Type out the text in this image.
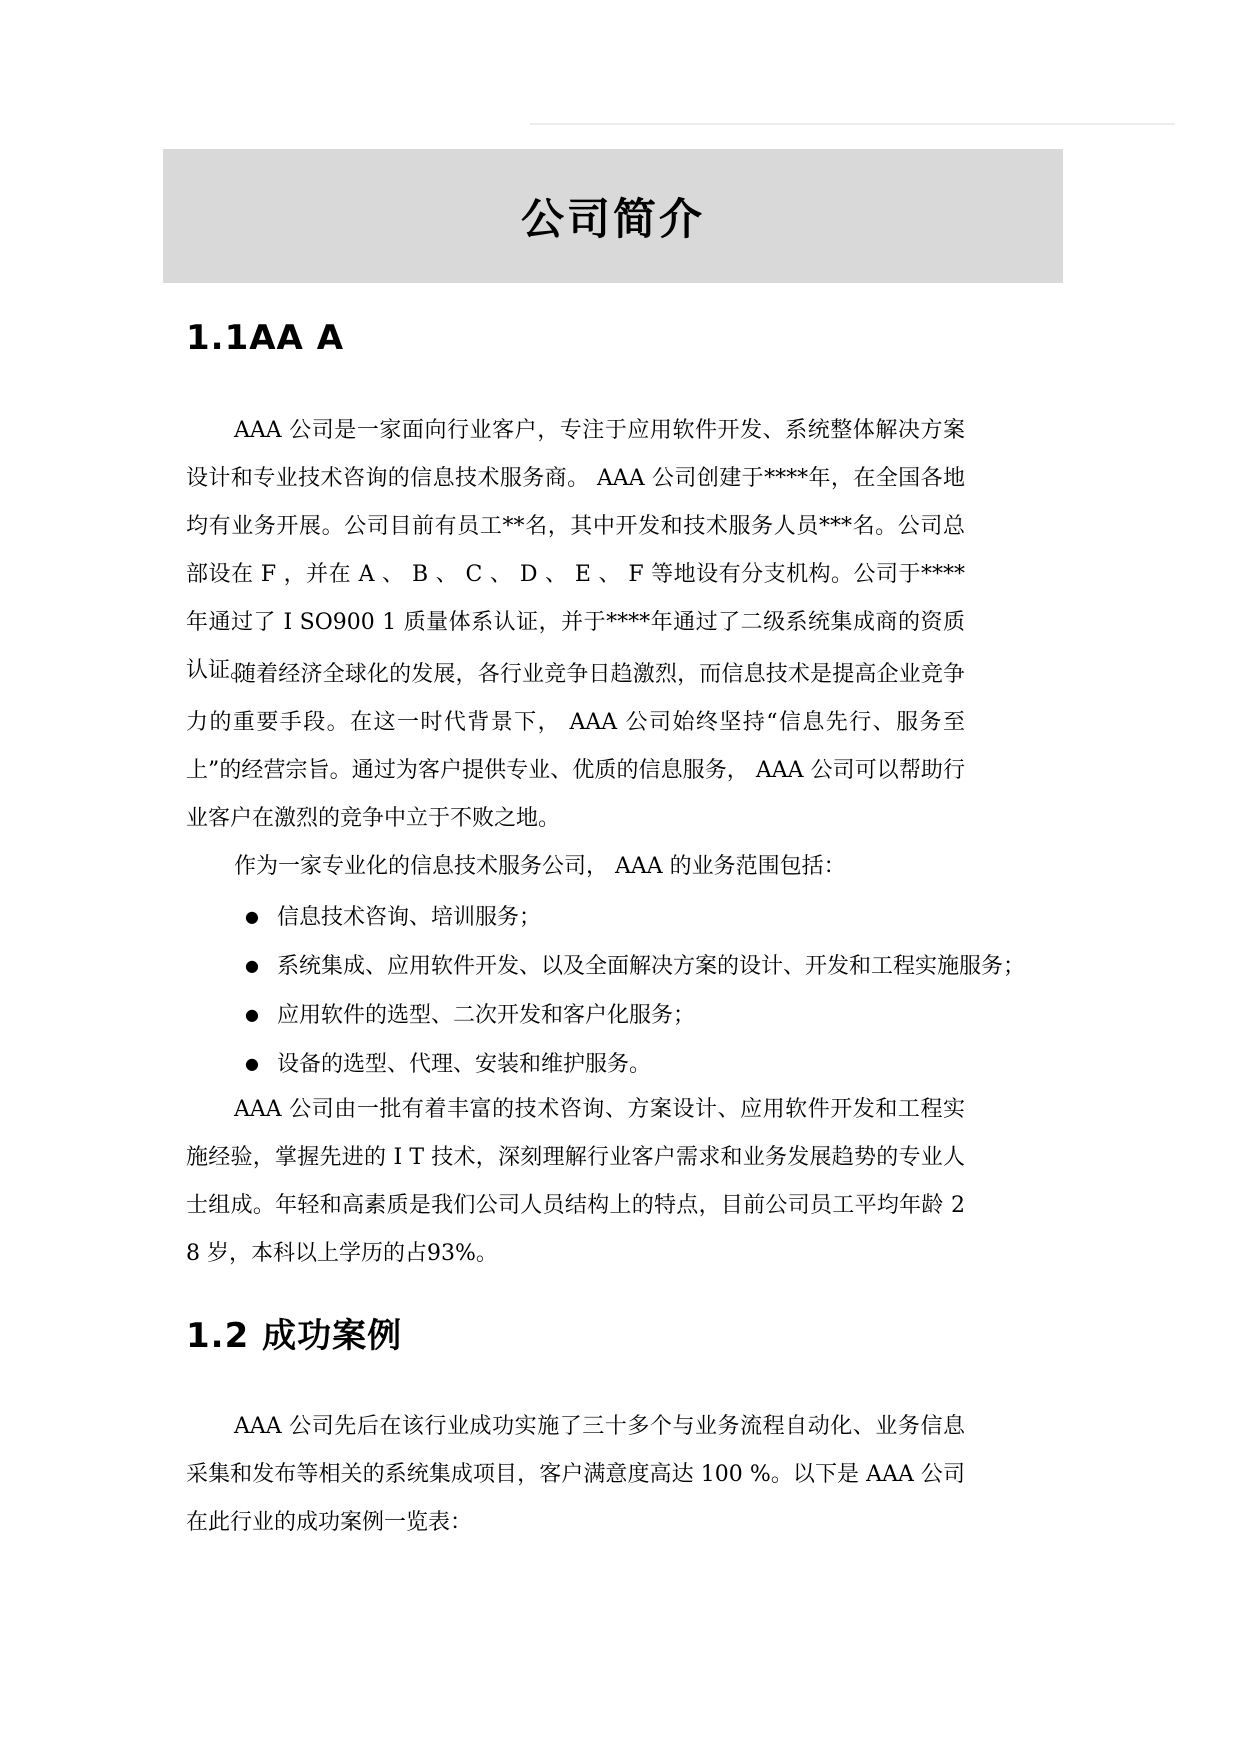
公司简介
1.1AA A

AAA 公司是一家面向行业客户，专注于应用软件开发、系统整体解决方案设计和专业技术咨询的信息技术服务商。 AAA 公司创建于****年，在全国各地均有业务开展。公司目前有员工**名，其中开发和技术服务人员***名。公司总部设在 F ，并在 A 、 B 、 C 、 D 、 E 、 F 等地设有分支机构。公司于****年通过了 I SO900 1 质量体系认证，并于****年通过了二级系统集成商的资质认证。

随着经济全球化的发展，各行业竞争日趋激烈，而信息技术是提高企业竞争力的重要手段。在这一时代背景下， AAA 公司始终坚持“信息先行、服务至上”的经营宗旨。通过为客户提供专业、优质的信息服务， AAA 公司可以帮助行业客户在激烈的竞争中立于不败之地。

作为一家专业化的信息技术服务公司， AAA 的业务范围包括：

● 信息技术咨询、培训服务；
● 系统集成、应用软件开发、以及全面解决方案的设计、开发和工程实施服务；
● 应用软件的选型、二次开发和客户化服务；
● 设备的选型、代理、安装和维护服务。

AAA 公司由一批有着丰富的技术咨询、方案设计、应用软件开发和工程实施经验，掌握先进的 I T 技术，深刻理解行业客户需求和业务发展趋势的专业人士组成。年轻和高素质是我们公司人员结构上的特点，目前公司员工平均年龄 2 8 岁，本科以上学历的占93%。

1.2 成功案例

AAA 公司先后在该行业成功实施了三十多个与业务流程自动化、业务信息采集和发布等相关的系统集成项目，客户满意度高达 100 %。以下是 AAA 公司在此行业的成功案例一览表：
